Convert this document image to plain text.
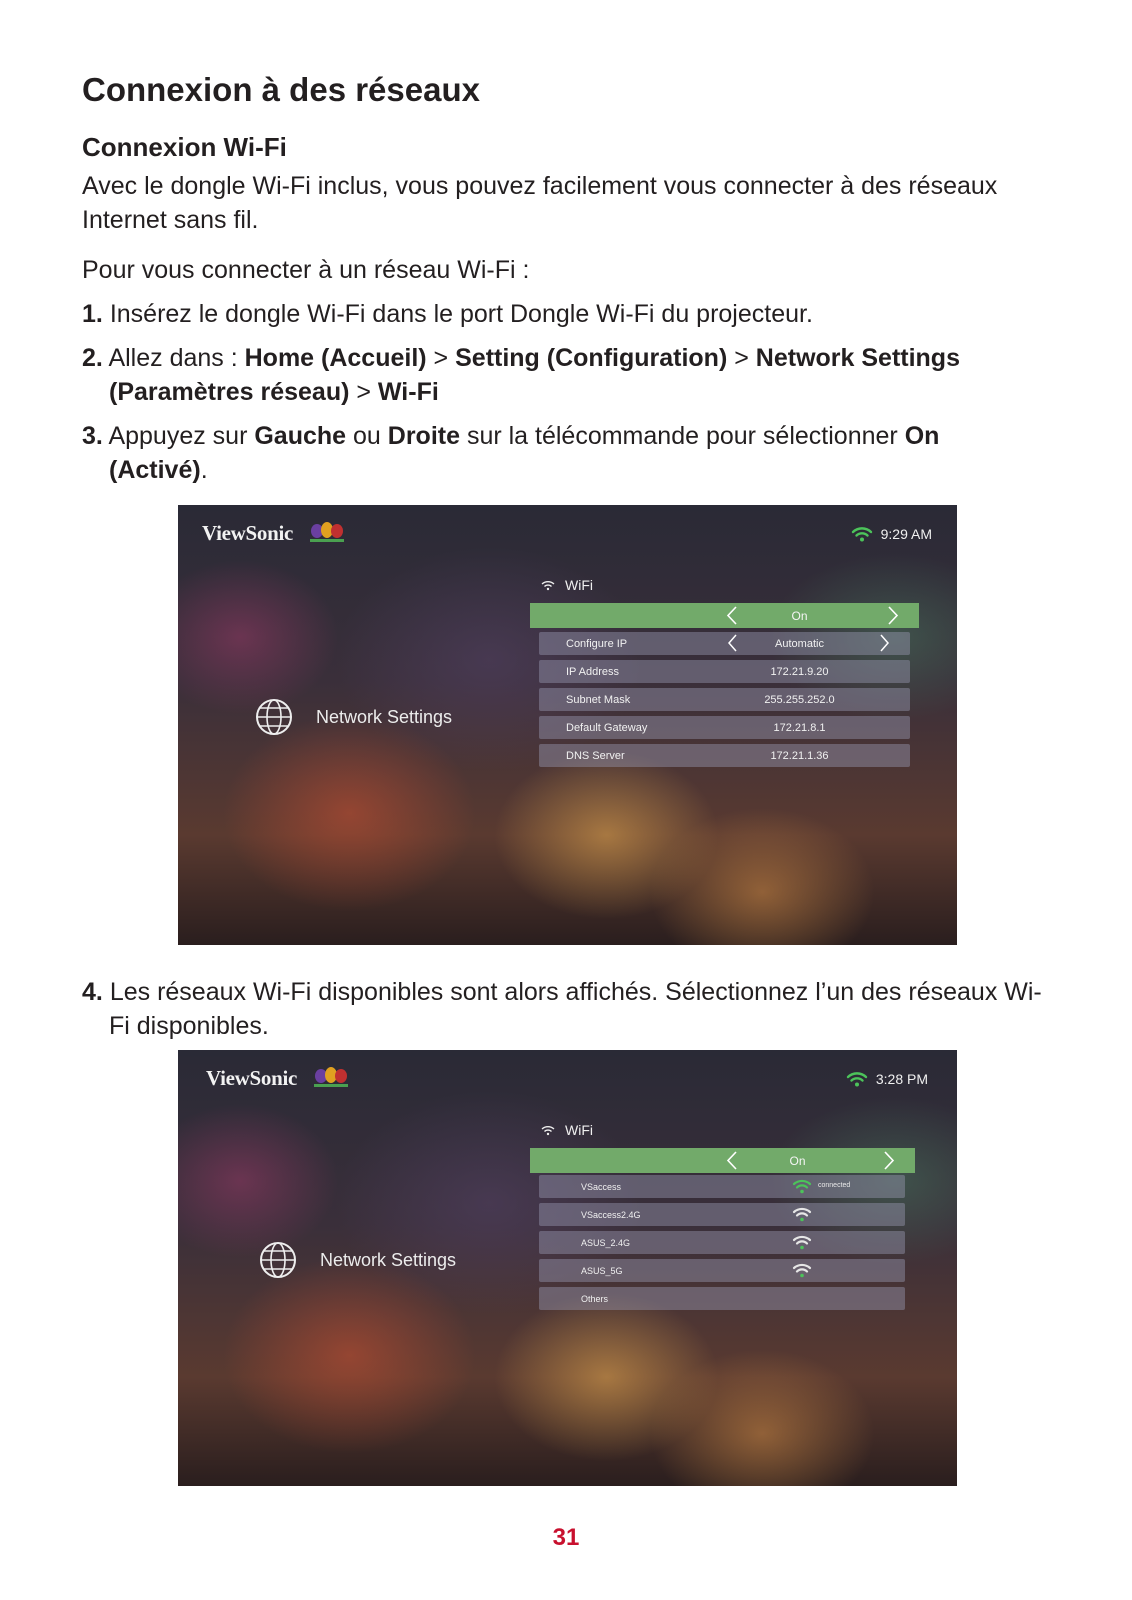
Connexion à des réseaux
Connexion Wi-Fi

Avec le dongle Wi-Fi inclus, vous pouvez facilement vous connecter à des réseaux Internet sans fil.

Pour vous connecter à un réseau Wi-Fi :

1. Insérez le dongle Wi-Fi dans le port Dongle Wi-Fi du projecteur.
2. Allez dans : Home (Accueil) > Setting (Configuration) > Network Settings (Paramètres réseau) > Wi-Fi
3. Appuyez sur Gauche ou Droite sur la télécommande pour sélectionner On (Activé).
ViewSonic	9:29 AM
Network Settings
WiFi
On
Configure IP	Automatic
IP Address	172.21.9.20
Subnet Mask	255.255.252.0
Default Gateway	172.21.8.1
DNS Server	172.21.1.36
4. Les réseaux Wi-Fi disponibles sont alors affichés. Sélectionnez l’un des réseaux Wi-Fi disponibles.
ViewSonic	3:28 PM
Network Settings
WiFi
On
VSaccess	connected
VSaccess2.4G
ASUS_2.4G
ASUS_5G
Others
31
